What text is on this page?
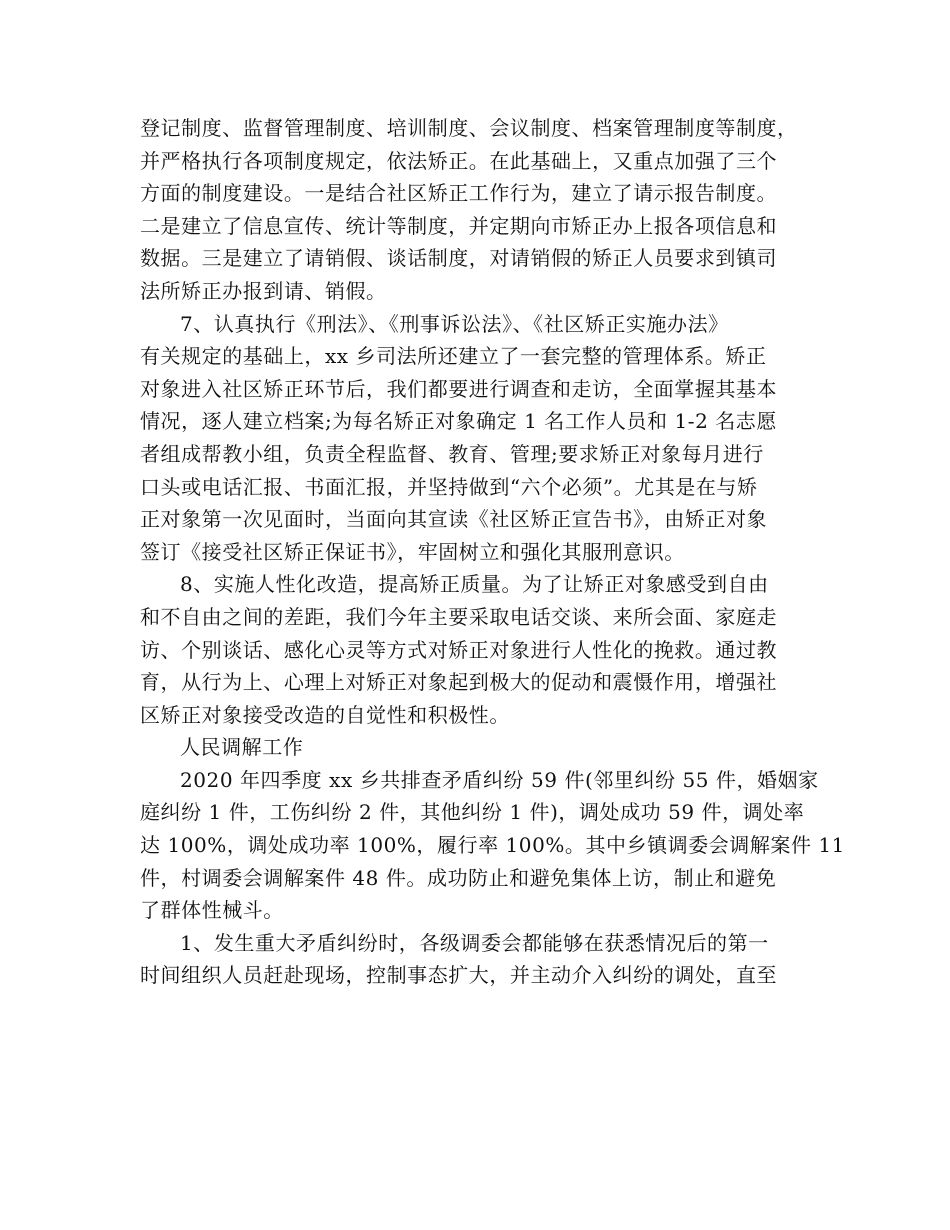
登记制度、监督管理制度、培训制度、会议制度、档案管理制度等制度，
并严格执行各项制度规定，依法矫正。在此基础上，又重点加强了三个
方面的制度建设。一是结合社区矫正工作行为，建立了请示报告制度。
二是建立了信息宣传、统计等制度，并定期向市矫正办上报各项信息和
数据。三是建立了请销假、谈话制度，对请销假的矫正人员要求到镇司
法所矫正办报到请、销假。
7、认真执行《刑法》、《刑事诉讼法》、《社区矫正实施办法》
有关规定的基础上，xx 乡司法所还建立了一套完整的管理体系。矫正
对象进入社区矫正环节后，我们都要进行调查和走访，全面掌握其基本
情况，逐人建立档案;为每名矫正对象确定 1 名工作人员和 1-2 名志愿
者组成帮教小组，负责全程监督、教育、管理;要求矫正对象每月进行
口头或电话汇报、书面汇报，并坚持做到“六个必须”。尤其是在与矫
正对象第一次见面时，当面向其宣读《社区矫正宣告书》，由矫正对象
签订《接受社区矫正保证书》，牢固树立和强化其服刑意识。
8、实施人性化改造，提高矫正质量。为了让矫正对象感受到自由
和不自由之间的差距，我们今年主要采取电话交谈、来所会面、家庭走
访、个别谈话、感化心灵等方式对矫正对象进行人性化的挽救。通过教
育，从行为上、心理上对矫正对象起到极大的促动和震慑作用，增强社
区矫正对象接受改造的自觉性和积极性。
人民调解工作
2020 年四季度 xx 乡共排查矛盾纠纷 59 件(邻里纠纷 55 件，婚姻家
庭纠纷 1 件，工伤纠纷 2 件，其他纠纷 1 件)，调处成功 59 件，调处率
达 100%，调处成功率 100%，履行率 100%。其中乡镇调委会调解案件 11
件，村调委会调解案件 48 件。成功防止和避免集体上访，制止和避免
了群体性械斗。
1、发生重大矛盾纠纷时，各级调委会都能够在获悉情况后的第一
时间组织人员赶赴现场，控制事态扩大，并主动介入纠纷的调处，直至
